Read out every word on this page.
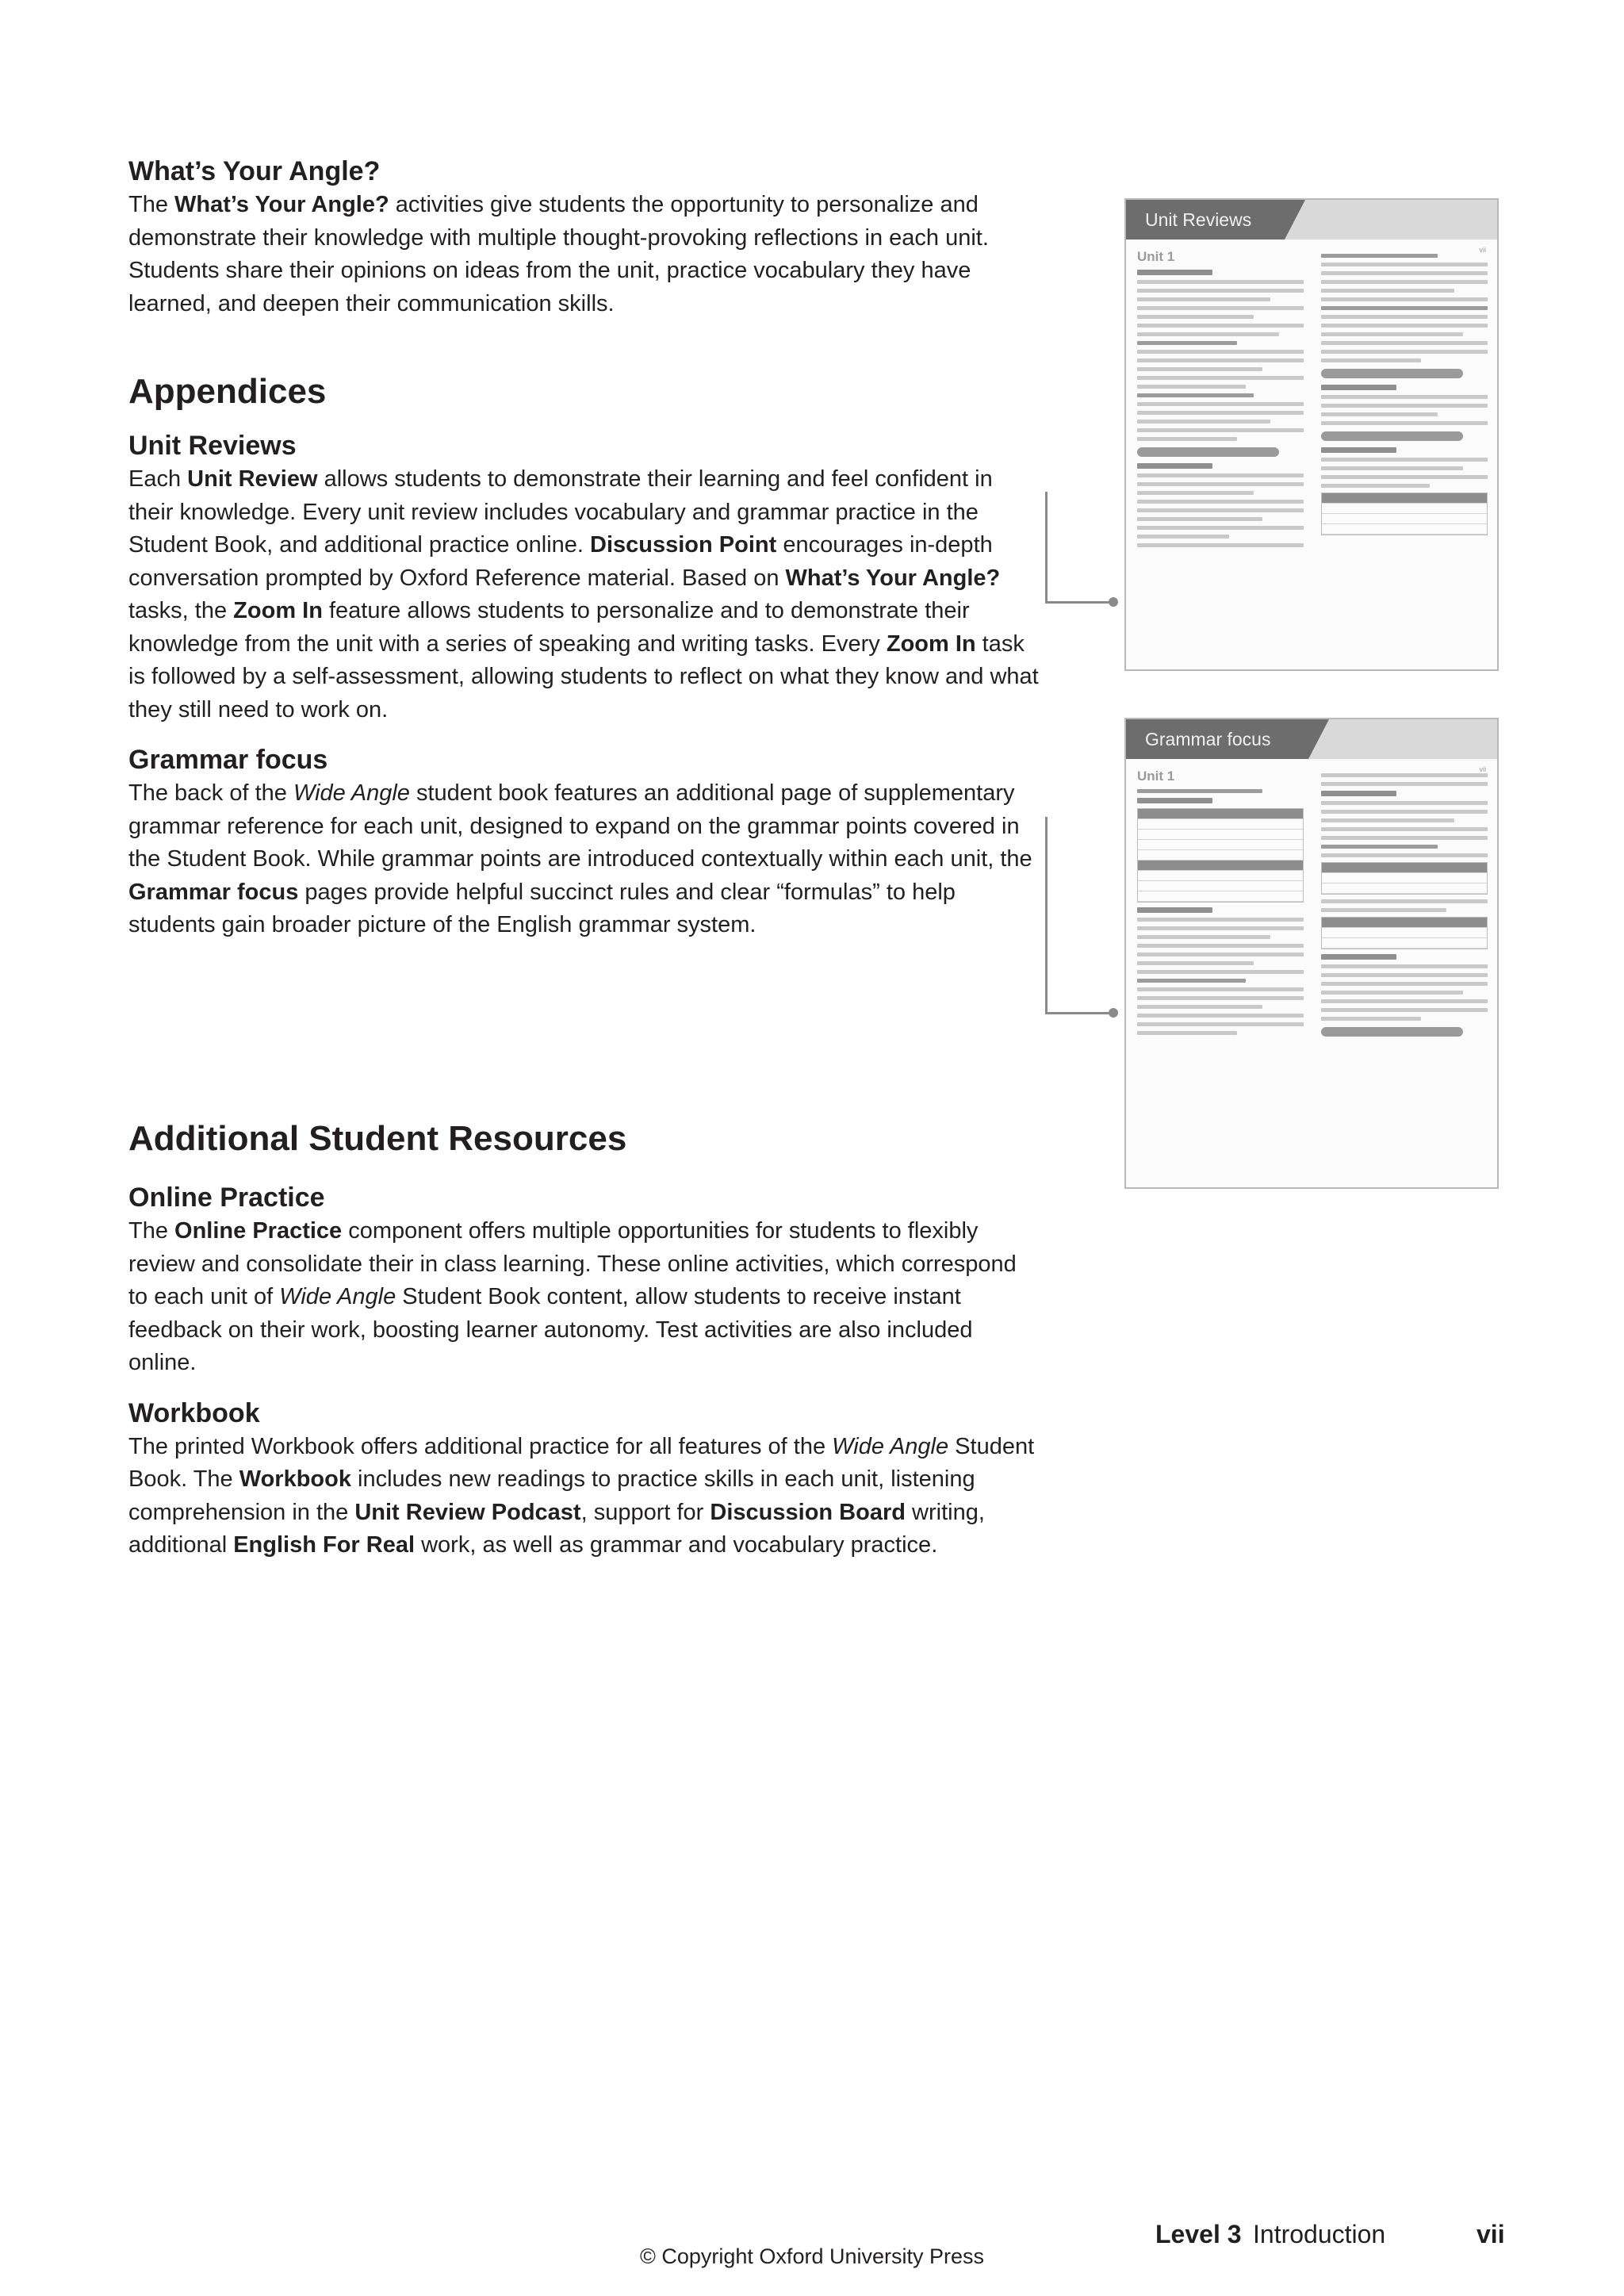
What’s Your Angle?

The What’s Your Angle? activities give students the opportunity to personalize and demonstrate their knowledge with multiple thought-provoking reflections in each unit. Students share their opinions on ideas from the unit, practice vocabulary they have learned, and deepen their communication skills.

Appendices
Unit Reviews

Each Unit Review allows students to demonstrate their learning and feel confident in their knowledge. Every unit review includes vocabulary and grammar practice in the Student Book, and additional practice online. Discussion Point encourages in-depth conversation prompted by Oxford Reference material. Based on What’s Your Angle? tasks, the Zoom In feature allows students to personalize and to demonstrate their knowledge from the unit with a series of speaking and writing tasks. Every Zoom In task is followed by a self-assessment, allowing students to reflect on what they know and what they still need to work on.

Grammar focus

The back of the Wide Angle student book features an additional page of supplementary grammar reference for each unit, designed to expand on the grammar points covered in the Student Book. While grammar points are introduced contextually within each unit, the Grammar focus pages provide helpful succinct rules and clear “formulas” to help students gain broader picture of the English grammar system.

Additional Student Resources
Online Practice

The Online Practice component offers multiple opportunities for students to flexibly review and consolidate their in class learning. These online activities, which correspond to each unit of Wide Angle Student Book content, allow students to receive instant feedback on their work, boosting learner autonomy. Test activities are also included online.

Workbook

The printed Workbook offers additional practice for all features of the Wide Angle Student Book. The Workbook includes new readings to practice skills in each unit, listening comprehension in the Unit Review Podcast, support for Discussion Board writing, additional English For Real work, as well as grammar and vocabulary practice.

Unit Reviews
Unit 1	vii
Grammar focus
Unit 1	vii
Level 3 Introduction	vii
© Copyright Oxford University Press
